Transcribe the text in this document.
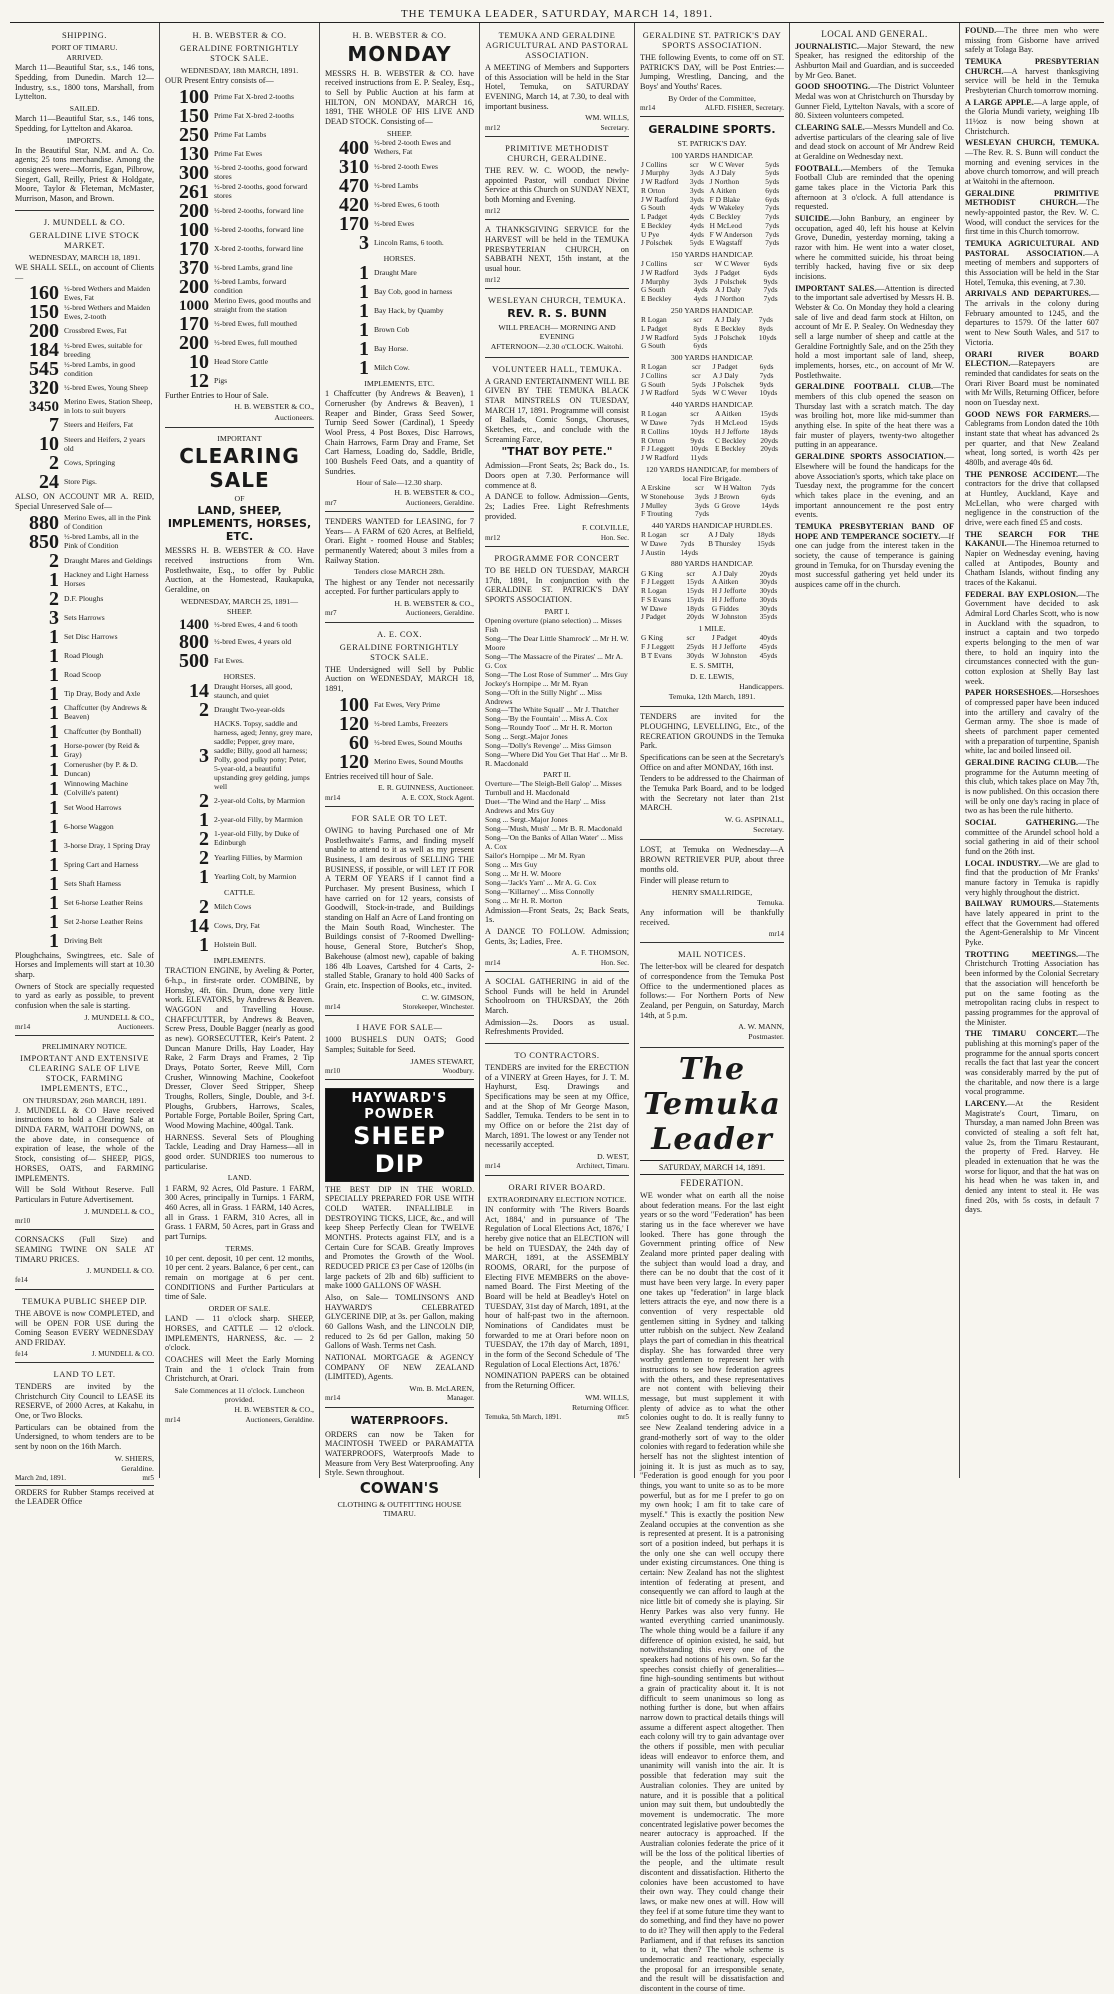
THE TEMUKA LEADER, SATURDAY, MARCH 14, 1891.
SHIPPING.
PORT OF TIMARU.
ARRIVED.

March 11—Beautiful Star, s.s., 146 tons, Spedding, from Dunedin. March 12—Industry, s.s., 1800 tons, Marshall, from Lyttelton.

SAILED.

March 11—Beautiful Star, s.s., 146 tons, Spedding, for Lyttelton and Akaroa.

IMPORTS.

In the Beautiful Star, N.M. and A. Co. agents; 25 tons merchandise. Among the consignees were—Morris, Egan, Pilbrow, Siegert, Gall, Reilly, Priest & Holdgate, Moore, Taylor & Fleteman, McMaster, Murrison, Mason, and Brown.

J. MUNDELL & CO.
GERALDINE LIVE STOCK MARKET.
WEDNESDAY, MARCH 18, 1891.

WE SHALL SELL, on account of Clients—

160 ½-bred Wethers and Maiden Ewes, Fat
150 ½-bred Wethers and Maiden Ewes, 2-tooth
200 Crossbred Ewes, Fat
184 ½-bred Ewes, suitable for breeding
545 ½-bred Lambs, in good condition
320 ½-bred Ewes, Young Sheep
3450 Merino Ewes, Station Sheep, in lots to suit buyers
7 Steers and Heifers, Fat
10 Steers and Heifers, 2 years old
2 Cows, Springing
24 Store Pigs.

ALSO, ON ACCOUNT MR A. REID, Special Unreserved Sale of—

880 Merino Ewes, all in the Pink of Condition
850 ½-bred Lambs, all in the Pink of Condition
2 Draught Mares and Geldings
1 Hackney and Light Harness Horses
2 D.F. Ploughs
3 Sets Harrows
1 Set Disc Harrows
1 Road Plough
1 Road Scoop
1 Tip Dray, Body and Axle
1 Chaffcutter (by Andrews & Beaven)
1 Chaffcutter (by Bonthall)
1 Horse-power (by Reid & Gray)
1 Cornerusher (by P. & D. Duncan)
1 Winnowing Machine (Colville's patent)
1 Set Wood Harrows
1 6-horse Waggon
1 3-horse Dray, 1 Spring Dray
1 Spring Cart and Harness
1 Sets Shaft Harness
1 Set 6-horse Leather Reins
1 Set 2-horse Leather Reins
1 Driving Belt

Ploughchains, Swingtrees, etc. Sale of Horses and Implements will start at 10.30 sharp.

Owners of Stock are specially requested to yard as early as possible, to prevent confusion when the sale is starting.

J. MUNDELL & CO.,
mr14	Auctioneers.
PRELIMINARY NOTICE.
IMPORTANT AND EXTENSIVE CLEARING SALE OF LIVE STOCK, FARMING IMPLEMENTS, ETC.,
ON THURSDAY, 26th MARCH, 1891.

J. MUNDELL & CO Have received instructions to hold a Clearing Sale at DINDA FARM, WAITOHI DOWNS, on the above date, in consequence of expiration of lease, the whole of the Stock, consisting of— SHEEP, PIGS, HORSES, OATS, and FARMING IMPLEMENTS.

Will be Sold Without Reserve. Full Particulars in Future Advertisement.

J. MUNDELL & CO.,
mr10

CORNSACKS (Full Size) and SEAMING TWINE ON SALE AT TIMARU PRICES.

J. MUNDELL & CO.
fe14
TEMUKA PUBLIC SHEEP DIP.

THE ABOVE is now COMPLETED, and will be OPEN FOR USE during the Coming Season EVERY WEDNESDAY AND FRIDAY.

fe14	J. MUNDELL & CO.
LAND TO LET.

TENDERS are invited by the Christchurch City Council to LEASE its RESERVE, of 2000 Acres, at Kakahu, in One, or Two Blocks.

Particulars can be obtained from the Undersigned, to whom tenders are to be sent by noon on the 16th March.

W. SHIERS,
Geraldine.
March 2nd, 1891.	mr5

ORDERS for Rubber Stamps received at the LEADER Office

H. B. WEBSTER & CO.
GERALDINE FORTNIGHTLY STOCK SALE.
WEDNESDAY, 18th MARCH, 1891.

OUR Present Entry consists of—

100 Prime Fat X-bred 2-tooths
150 Prime Fat X-bred 2-tooths
250 Prime Fat Lambs
130 Prime Fat Ewes
300 ½-bred 2-tooths, good forward stores
261 ½-bred 2-tooths, good forward stores
200 ½-bred 2-tooths, forward line
100 ½-bred 2-tooths, forward line
170 X-bred 2-tooths, forward line
370 ½-bred Lambs, grand line
200 ½-bred Lambs, forward condition
1000 Merino Ewes, good mouths and straight from the station
170 ½-bred Ewes, full mouthed
200 ½-bred Ewes, full mouthed
10 Head Store Cattle
12 Pigs

Further Entries to Hour of Sale.

H. B. WEBSTER & CO.,
Auctioneers.
IMPORTANT
CLEARING SALE
OF
LAND, SHEEP, IMPLEMENTS, HORSES, ETC.

MESSRS H. B. WEBSTER & CO. Have received instructions from Wm. Postlethwaite, Esq., to offer by Public Auction, at the Homestead, Raukapuka, Geraldine, on

WEDNESDAY, MARCH 25, 1891—
SHEEP.
1400 ½-bred Ewes, 4 and 6 tooth
800 ½-bred Ewes, 4 years old
500 Fat Ewes.
HORSES.
14 Draught Horses, all good, staunch, and quiet
2 Draught Two-year-olds
3
HACKS. Topsy, saddle and harness, aged; Jenny, grey mare, saddle; Pepper, grey mare, saddle; Billy, good all harness; Polly, good pulky pony; Peter, 5-year-old, a beautiful upstanding grey gelding, jumps well
2 2-year-old Colts, by Marmion
1 2-year-old Filly, by Marmion
2 1-year-old Filly, by Duke of Edinburgh
2 Yearling Fillies, by Marmion
1 Yearling Colt, by Marmion
CATTLE.
2 Milch Cows
14 Cows, Dry, Fat
1 Holstein Bull.
IMPLEMENTS.

TRACTION ENGINE, by Aveling & Porter, 6-h.p., in first-rate order. COMBINE, by Hornsby, 4ft. 6in. Drum, done very little work. ELEVATORS, by Andrews & Beaven. WAGGON and Travelling House. CHAFFCUTTER, by Andrews & Beaven, Screw Press, Double Bagger (nearly as good as new). GORSECUTTER, Keir's Patent. 2 Duncan Manure Drills, Hay Loader, Hay Rake, 2 Farm Drays and Frames, 2 Tip Drays, Potato Sorter, Reeve Mill, Corn Crusher, Winnowing Machine, Cookefoot Dresser, Clover Seed Stripper, Sheep Troughs, Rollers, Single, Double, and 3-f. Ploughs, Grubbers, Harrows, Scales, Portable Forge, Portable Boiler, Spring Cart, Wood Mowing Machine, 400gal. Tank.

HARNESS. Several Sets of Ploughing Tackle, Leading and Dray Harness—all in good order. SUNDRIES too numerous to particularise.

LAND.

1 FARM, 92 Acres, Old Pasture. 1 FARM, 300 Acres, principally in Turnips. 1 FARM, 460 Acres, all in Grass. 1 FARM, 140 Acres, all in Grass. 1 FARM, 310 Acres, all in Grass. 1 FARM, 50 Acres, part in Grass and part Turnips.

TERMS.

10 per cent. deposit, 10 per cent. 12 months, 10 per cent. 2 years. Balance, 6 per cent., can remain on mortgage at 6 per cent. CONDITIONS and Further Particulars at time of Sale.

ORDER OF SALE.

LAND — 11 o'clock sharp. SHEEP, HORSES, and CATTLE — 12 o'clock. IMPLEMENTS, HARNESS, &c. — 2 o'clock.

COACHES will Meet the Early Morning Train and the 1 o'clock Train from Christchurch, at Orari.

Sale Commences at 11 o'clock. Luncheon provided.
H. B. WEBSTER & CO.,
mr14	Auctioneers, Geraldine.
H. B. WEBSTER & CO.
MONDAY

MESSRS H. B. WEBSTER & CO. have received instructions from E. P. Sealey, Esq., to Sell by Public Auction at his farm at HILTON, ON MONDAY, MARCH 16, 1891, THE WHOLE OF HIS LIVE AND DEAD STOCK. Consisting of—

SHEEP.
400 ½-bred 2-tooth Ewes and Wethers, Fat
310 ½-bred 2-tooth Ewes
470 ½-bred Lambs
420 ½-bred Ewes, 6 tooth
170 ½-bred Ewes
3 Lincoln Rams, 6 tooth.
HORSES.
1 Draught Mare
1 Bay Cob, good in harness
1 Bay Hack, by Quamby
1 Brown Cob
1 Bay Horse.
1 Milch Cow.
IMPLEMENTS, ETC.

1 Chaffcutter (by Andrews & Beaven), 1 Cornerusher (by Andrews & Beaven), 1 Reaper and Binder, Grass Seed Sower, Turnip Seed Sower (Cardinal), 1 Speedy Wool Press, 4 Post Boxes, Disc Harrows, Chain Harrows, Farm Dray and Frame, Set Cart Harness, Loading do, Saddle, Bridle, 100 Bushels Feed Oats, and a quantity of Sundries.

Hour of Sale—12.30 sharp.
H. B. WEBSTER & CO.,
mr7	Auctioneers, Geraldine.

TENDERS WANTED for LEASING, for 7 Years— A FARM of 620 Acres, at Belfield, Orari. Eight - roomed House and Stables; permanently Watered; about 3 miles from a Railway Station.

Tenders close MARCH 28th.

The highest or any Tender not necessarily accepted. For further particulars apply to

H. B. WEBSTER & CO.,
mr7	Auctioneers, Geraldine.
A. E. COX.
GERALDINE FORTNIGHTLY STOCK SALE.

THE Undersigned will Sell by Public Auction on WEDNESDAY, MARCH 18, 1891,

100 Fat Ewes, Very Prime
120 ½-bred Lambs, Freezers
60 ½-bred Ewes, Sound Mouths
120 Merino Ewes, Sound Mouths

Entries received till hour of Sale.

E. R. GUINNESS, Auctioneer.
mr14	A. E. COX, Stock Agent.
FOR SALE OR TO LET.

OWING to having Purchased one of Mr Postlethwaite's Farms, and finding myself unable to attend to it as well as my present Business, I am desirous of SELLING THE BUSINESS, if possible, or will LET IT FOR A TERM OF YEARS if I cannot find a Purchaser. My present Business, which I have carried on for 12 years, consists of Goodwill, Stock-in-trade, and Buildings standing on Half an Acre of Land fronting on the Main South Road, Winchester. The Buildings consist of 7-Roomed Dwelling-house, General Store, Butcher's Shop, Bakehouse (almost new), capable of baking 186 4lb Loaves, Cartshed for 4 Carts, 2-stalled Stable, Granary to hold 400 Sacks of Grain, etc. Inspection of Books, etc., invited.

C. W. GIMSON,
mr14	Storekeeper, Winchester.
I HAVE FOR SALE—

1000 BUSHELS DUN OATS; Good Samples; Suitable for Seed.

JAMES STEWART,
mr10	Woodbury.
HAYWARD'S POWDER
SHEEP DIP

THE BEST DIP IN THE WORLD. SPECIALLY PREPARED FOR USE WITH COLD WATER. INFALLIBLE in DESTROYING TICKS, LICE, &c., and will keep Sheep Perfectly Clean for TWELVE MONTHS. Protects against FLY, and is a Certain Cure for SCAB. Greatly Improves and Promotes the Growth of the Wool. REDUCED PRICE £3 per Case of 120lbs (in large packets of 2lb and 6lb) sufficient to make 1000 GALLONS OF WASH.

Also, on Sale— TOMLINSON'S AND HAYWARD'S CELEBRATED GLYCERINE DIP, at 3s. per Gallon, making 60 Gallons Wash, and the LINCOLN DIP, reduced to 2s 6d per Gallon, making 50 Gallons of Wash. Terms net Cash.

NATIONAL MORTGAGE & AGENCY COMPANY OF NEW ZEALAND (LIMITED), Agents.

Wm. B. McLAREN,
mr14	Manager.
WATERPROOFS.

ORDERS can now be Taken for MACINTOSH TWEED or PARAMATTA WATERPROOFS, Waterproofs Made to Measure from Very Best Waterproofing. Any Style. Sewn throughout.

COWAN'S
CLOTHING & OUTFITTING HOUSE TIMARU.
TEMUKA AND GERALDINE AGRICULTURAL AND PASTORAL ASSOCIATION.

A MEETING of Members and Supporters of this Association will be held in the Star Hotel, Temuka, on SATURDAY EVENING, March 14, at 7.30, to deal with important business.

WM. WILLS,
mr12	Secretary.
PRIMITIVE METHODIST CHURCH, GERALDINE.

THE REV. W. C. WOOD, the newly-appointed Pastor, will conduct Divine Service at this Church on SUNDAY NEXT, both Morning and Evening.

mr12

A THANKSGIVING SERVICE for the HARVEST will be held in the TEMUKA PRESBYTERIAN CHURCH, on SABBATH NEXT, 15th instant, at the usual hour.

mr12
WESLEYAN CHURCH, TEMUKA.
REV. R. S. BUNN
WILL PREACH— MORNING AND EVENING
AFTERNOON—2.30 o'CLOCK. Waitohi.
VOLUNTEER HALL, TEMUKA.

A GRAND ENTERTAINMENT WILL BE GIVEN BY THE TEMUKA BLACK STAR MINSTRELS ON TUESDAY, MARCH 17, 1891. Programme will consist of Ballads, Comic Songs, Choruses, Sketches, etc., and conclude with the Screaming Farce,

"THAT BOY PETE."

Admission—Front Seats, 2s; Back do., 1s. Doors open at 7.30. Performance will commence at 8.

A DANCE to follow. Admission—Gents, 2s; Ladies Free. Light Refreshments provided.

F. COLVILLE,
mr12	Hon. Sec.
PROGRAMME FOR CONCERT

TO BE HELD ON TUESDAY, MARCH 17th, 1891, In conjunction with the GERALDINE ST. PATRICK'S DAY SPORTS ASSOCIATION.

PART I.
Opening overture (piano selection) ... Misses Fish
Song—'The Dear Little Shamrock' ... Mr H. W. Moore
Song—'The Massacre of the Pirates' ... Mr A. G. Cox
Song—'The Lost Rose of Summer' ... Mrs Guy
Jockey's Hornpipe ... Mr M. Ryan
Song—'Oft in the Stilly Night' ... Miss Andrews
Song—'The White Squall' ... Mr J. Thatcher
Song—'By the Fountain' ... Miss A. Cox
Song—'Roundy Toot' ... Mr H. R. Morton
Song ... Sergt.-Major Jones
Song—'Dolly's Revenge' ... Miss Gimson
Song—'Where Did You Get That Hat' ... Mr B. R. Macdonald
PART II.
Overture—'The Sleigh-Bell Galop' ... Misses Turnbull and H. Macdonald
Duet—'The Wind and the Harp' ... Miss Andrews and Mrs Guy
Song ... Sergt.-Major Jones
Song—'Mush, Mush' ... Mr B. R. Macdonald
Song—'On the Banks of Allan Water' ... Miss A. Cox
Sailor's Hornpipe ... Mr M. Ryan
Song ... Mrs Guy
Song ... Mr H. W. Moore
Song—'Jack's Yarn' ... Mr A. G. Cox
Song—'Killarney' ... Miss Connolly
Song ... Mr H. R. Morton

Admission—Front Seats, 2s; Back Seats, 1s.

A DANCE TO FOLLOW. Admission; Gents, 3s; Ladies, Free.

A. F. THOMSON,
mr14	Hon. Sec.

A SOCIAL GATHERING in aid of the School Funds will be held in Arundel Schoolroom on THURSDAY, the 26th March.

Admission—2s. Doors as usual. Refreshments Provided.

TO CONTRACTORS.

TENDERS are invited for the ERECTION of a VINERY at Green Hayes, for J. T. M. Hayhurst, Esq. Drawings and Specifications may be seen at my Office, and at the Shop of Mr George Mason, Saddler, Temuka. Tenders to be sent in to my Office on or before the 21st day of March, 1891. The lowest or any Tender not necessarily accepted.

D. WEST,
mr14	Architect, Timaru.
ORARI RIVER BOARD.
EXTRAORDINARY ELECTION NOTICE.

IN conformity with 'The Rivers Boards Act, 1884,' and in pursuance of 'The Regulation of Local Elections Act, 1876,' I hereby give notice that an ELECTION will be held on TUESDAY, the 24th day of MARCH, 1891, at the ASSEMBLY ROOMS, ORARI, for the purpose of Electing FIVE MEMBERS on the above-named Board. The First Meeting of the Board will be held at Beadley's Hotel on TUESDAY, 31st day of March, 1891, at the hour of half-past two in the afternoon. Nominations of Candidates must be forwarded to me at Orari before noon on TUESDAY, the 17th day of March, 1891, in the form of the Second Schedule of 'The Regulation of Local Elections Act, 1876.'

NOMINATION PAPERS can be obtained from the Returning Officer.

WM. WILLS,
Returning Officer.
Temuka, 5th March, 1891.	mr5
GERALDINE ST. PATRICK'S DAY SPORTS ASSOCIATION.

THE following Events, to come off on ST. PATRICK'S DAY, will be Post Entries:—Jumping, Wrestling, Dancing, and the Boys' and Youths' Races.

By Order of the Committee,
mr14	ALFD. FISHER, Secretary.
GERALDINE SPORTS.
ST. PATRICK'S DAY.
100 YARDS HANDICAP.
J Collins	scr	W C Wever	5yds
J Murphy	3yds	A J Daly	5yds
J W Radford	3yds	J Northon	5yds
R Orton	3yds	A Aitken	6yds
J W Radford	3yds	F D Blake	6yds
G South	4yds	W Wakeley	7yds
L Padget	4yds	C Beckley	7yds
E Beckley	4yds	H McLeod	7yds
U Pye	4yds	F W Anderson	7yds
J Polschek	5yds	E Wagstaff	7yds
150 YARDS HANDICAP.
J Collins	scr	W C Wever	6yds
J W Radford	3yds	J Padget	6yds
J Murphy	3yds	J Polschek	9yds
G South	4yds	A J Daly	7yds
E Beckley	4yds	J Northon	7yds
250 YARDS HANDICAP.
R Logan	scr	A J Daly	7yds
L Padget	8yds	E Beckley	8yds
J W Radford	5yds	J Polschek	10yds
G South	6yds		
300 YARDS HANDICAP.
R Logan	scr	J Padget	6yds
J Collins	scr	A J Daly	7yds
G South	5yds	J Polschek	9yds
J W Radford	5yds	W C Wever	10yds
440 YARDS HANDICAP.
R Logan	scr	A Aitken	15yds
W Dawe	7yds	H McLeod	15yds
R Collins	10yds	H J Jefforte	18yds
R Orton	9yds	C Beckley	20yds
F J Leggett	10yds	E Beckley	20yds
J W Radford	11yds		
120 YARDS HANDICAP, for members of local Fire Brigade.
A Erskine	scr	W H Walton	7yds
W Stonehouse	3yds	J Brown	6yds
J Mulley	3yds	G Grove	14yds
F Trouting	7yds		
440 YARDS HANDICAP HURDLES.
R Logan	scr	A J Daly	18yds
W Dawe	7yds	B Thursley	15yds
J Austin	14yds		
880 YARDS HANDICAP.
G King	scr	A J Daly	20yds
F J Leggett	15yds	A Aitken	30yds
R Logan	15yds	H J Jefforte	30yds
F S Evans	15yds	H J Jefforte	30yds
W Dawe	18yds	G Fiddes	30yds
J Padget	20yds	W Johnston	35yds
1 MILE.
G King	scr	J Padget	40yds
F J Leggett	25yds	H J Jefforte	45yds
B T Evans	30yds	W Johnston	45yds
E. S. SMITH,
D. E. LEWIS,
Handicappers.
Temuka, 12th March, 1891.

TENDERS are invited for the PLOUGHING, LEVELLING, Etc., of the RECREATION GROUNDS in the Temuka Park.

Specifications can be seen at the Secretary's Office on and after MONDAY, 16th inst.

Tenders to be addressed to the Chairman of the Temuka Park Board, and to be lodged with the Secretary not later than 21st MARCH.

W. G. ASPINALL,
Secretary.

LOST, at Temuka on Wednesday—A BROWN RETRIEVER PUP, about three months old.

Finder will please return to

HENRY SMALLRIDGE,
Temuka.

Any information will be thankfully received.

mr14
MAIL NOTICES.

The letter-box will be cleared for despatch of correspondence from the Temuka Post Office to the undermentioned places as follows:— For Northern Ports of New Zealand, per Penguin, on Saturday, March 14th, at 5 p.m.

A. W. MANN,
Postmaster.
The Temuka Leader
SATURDAY, MARCH 14, 1891.
FEDERATION.

WE wonder what on earth all the noise about federation means. For the last eight years or so the word "Federation" has been staring us in the face wherever we have looked. There has gone through the Government printing office of New Zealand more printed paper dealing with the subject than would load a dray, and there can be no doubt that the cost of it must have been very large. In every paper one takes up "federation" in large black letters attracts the eye, and now there is a convention of very respectable old gentlemen sitting in Sydney and talking utter rubbish on the subject. New Zealand plays the part of comedian in this theatrical display. She has forwarded three very worthy gentlemen to represent her with instructions to see how federation agrees with the others, and these representatives are not content with believing their message, but must supplement it with plenty of advice as to what the other colonies ought to do. It is really funny to see New Zealand tendering advice in a grand-motherly sort of way to the older colonies with regard to federation while she herself has not the slightest intention of joining it. It is just as much as to say, "Federation is good enough for you poor things, you want to unite so as to be more powerful, but as for me I prefer to go on my own hook; I am fit to take care of myself." This is exactly the position New Zealand occupies at the convention as she is represented at present. It is a patronising sort of a position indeed, but perhaps it is the only one she can well occupy there under existing circumstances. One thing is certain: New Zealand has not the slightest intention of federating at present, and consequently we can afford to laugh at the nice little bit of comedy she is playing. Sir Henry Parkes was also very funny. He wanted everything carried unanimously. The whole thing would be a failure if any difference of opinion existed, he said, but notwithstanding this every one of the speakers had notions of his own. So far the speeches consist chiefly of generalities—fine high-sounding sentiments but without a grain of practicality about it. It is not difficult to seem unanimous so long as nothing further is done, but when affairs narrow down to practical details things will assume a different aspect altogether. Then each colony will try to gain advantage over the others if possible, men with peculiar ideas will endeavor to enforce them, and unanimity will vanish into the air. It is possible that federation may suit the Australian colonies. They are united by nature, and it is possible that a political union may suit them, but undoubtedly the movement is undemocratic. The more concentrated legislative power becomes the nearer autocracy is approached. If the Australian colonies federate the price of it will be the loss of the political liberties of the people, and the ultimate result discontent and dissatisfaction. Hitherto the colonies have been accustomed to have their own way. They could change their laws, or make new ones at will. How will they feel if at some future time they want to do something, and find they have no power to do it? They will then apply to the Federal Parliament, and if that refuses its sanction to it, what then? The whole scheme is undemocratic and reactionary, especially the proposal for an irresponsible senate, and the result will be dissatisfaction and discontent in the course of time.

LOCAL AND GENERAL.

JOURNALISTIC.—Major Steward, the new Speaker, has resigned the editorship of the Ashburton Mail and Guardian, and is succeeded by Mr Geo. Banet.

GOOD SHOOTING.—The District Volunteer Medal was won at Christchurch on Thursday by Gunner Field, Lyttelton Navals, with a score of 80. Sixteen volunteers competed.

CLEARING SALE.—Messrs Mundell and Co. advertise particulars of the clearing sale of live and dead stock on account of Mr Andrew Reid at Geraldine on Wednesday next.

FOOTBALL.—Members of the Temuka Football Club are reminded that the opening game takes place in the Victoria Park this afternoon at 3 o'clock. A full attendance is requested.

SUICIDE.—John Banbury, an engineer by occupation, aged 40, left his house at Kelvin Grove, Dunedin, yesterday morning, taking a razor with him. He went into a water closet, where he committed suicide, his throat being terribly hacked, having five or six deep incisions.

IMPORTANT SALES.—Attention is directed to the important sale advertised by Messrs H. B. Webster & Co. On Monday they hold a clearing sale of live and dead farm stock at Hilton, on account of Mr E. P. Sealey. On Wednesday they sell a large number of sheep and cattle at the Geraldine Fortnightly Sale, and on the 25th they hold a most important sale of land, sheep, implements, horses, etc., on account of Mr W. Postlethwaite.

GERALDINE FOOTBALL CLUB.—The members of this club opened the season on Thursday last with a scratch match. The day was broiling hot, more like mid-summer than anything else. In spite of the heat there was a fair muster of players, twenty-two altogether putting in an appearance.

GERALDINE SPORTS ASSOCIATION.—Elsewhere will be found the handicaps for the above Association's sports, which take place on Tuesday next, the programme for the concert which takes place in the evening, and an important announcement re the post entry events.

TEMUKA PRESBYTERIAN BAND OF HOPE AND TEMPERANCE SOCIETY.—If one can judge from the interest taken in the society, the cause of temperance is gaining ground in Temuka, for on Thursday evening the most successful gathering yet held under its auspices came off in the church.

FOUND.—The three men who were missing from Gisborne have arrived safely at Tolaga Bay.

TEMUKA PRESBYTERIAN CHURCH.—A harvest thanksgiving service will be held in the Temuka Presbyterian Church tomorrow morning.

A LARGE APPLE.—A large apple, of the Gloria Mundi variety, weighing 1lb 11½oz is now being shown at Christchurch.

WESLEYAN CHURCH, TEMUKA.—The Rev. R. S. Bunn will conduct the morning and evening services in the above church tomorrow, and will preach at Waitohi in the afternoon.

GERALDINE PRIMITIVE METHODIST CHURCH.—The newly-appointed pastor, the Rev. W. C. Wood, will conduct the services for the first time in this Church tomorrow.

TEMUKA AGRICULTURAL AND PASTORAL ASSOCIATION.—A meeting of members and supporters of this Association will be held in the Star Hotel, Temuka, this evening, at 7.30.

ARRIVALS AND DEPARTURES.—The arrivals in the colony during February amounted to 1245, and the departures to 1579. Of the latter 607 went to New South Wales, and 517 to Victoria.

ORARI RIVER BOARD ELECTION.—Ratepayers are reminded that candidates for seats on the Orari River Board must be nominated with Mr Wills, Returning Officer, before noon on Tuesday next.

GOOD NEWS FOR FARMERS.—Cablegrams from London dated the 10th instant state that wheat has advanced 2s per quarter, and that New Zealand wheat, long sorted, is worth 42s per 480lb, and average 40s 6d.

THE PENROSE ACCIDENT.—The contractors for the drive that collapsed at Huntley, Auckland, Kaye and McLellan, who were charged with negligence in the construction of the drive, were each fined £5 and costs.

THE SEARCH FOR THE KAKANUI.—The Hinemoa returned to Napier on Wednesday evening, having called at Antipodes, Bounty and Chatham Islands, without finding any traces of the Kakanui.

FEDERAL BAY EXPLOSION.—The Government have decided to ask Admiral Lord Charles Scott, who is now in Auckland with the squadron, to instruct a captain and two torpedo experts belonging to the men of war there, to hold an inquiry into the circumstances connected with the gun-cotton explosion at Shelly Bay last week.

PAPER HORSESHOES.—Horseshoes of compressed paper have been induced into the artillery and cavalry of the German army. The shoe is made of sheets of parchment paper cemented with a preparation of turpentine, Spanish white, lac and boiled linseed oil.

GERALDINE RACING CLUB.—The programme for the Autumn meeting of this club, which takes place on May 7th, is now published. On this occasion there will be only one day's racing in place of two as has been the rule hitherto.

SOCIAL GATHERING.—The committee of the Arundel school hold a social gathering in aid of their school fund on the 26th inst.

LOCAL INDUSTRY.—We are glad to find that the production of Mr Franks' manure factory in Temuka is rapidly very highly throughout the district.

BAILWAY RUMOURS.—Statements have lately appeared in print to the effect that the Government had offered the Agent-Generalship to Mr Vincent Pyke.

TROTTING MEETINGS.—The Christchurch Trotting Association has been informed by the Colonial Secretary that the association will henceforth be put on the same footing as the metropolitan racing clubs in respect to passing programmes for the approval of the Minister.

THE TIMARU CONCERT.—The publishing at this morning's paper of the programme for the annual sports concert recalls the fact that last year the concert was considerably marred by the put of the charitable, and now there is a large vocal programme.

LARCENY.—At the Resident Magistrate's Court, Timaru, on Thursday, a man named John Breen was convicted of stealing a soft felt hat, value 2s, from the Timaru Restaurant, the property of Fred. Harvey. He pleaded in extenuation that he was the worse for liquor, and that the hat was on his head when he was taken in, and denied any intent to steal it. He was fined 20s, with 5s costs, in default 7 days.
